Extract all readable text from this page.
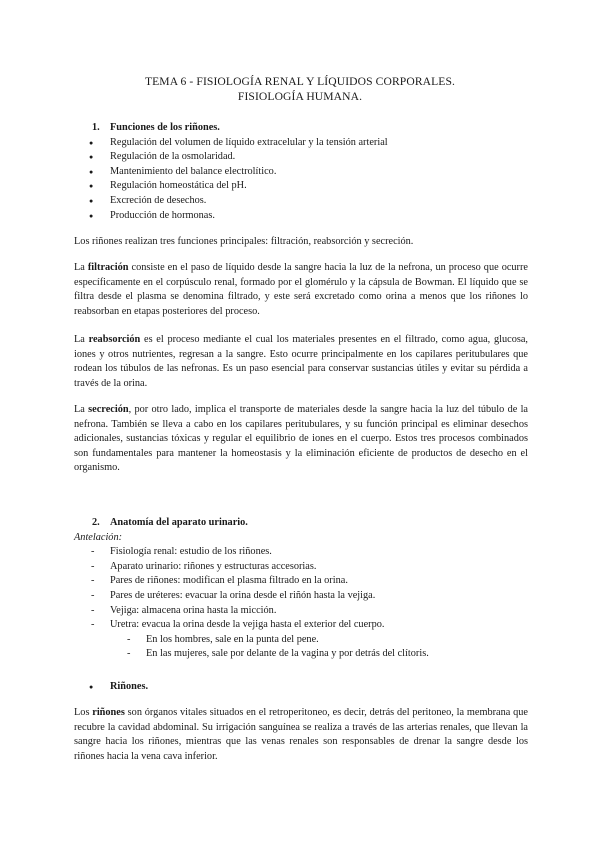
TEMA 6 - FISIOLOGÍA RENAL Y LÍQUIDOS CORPORALES.
FISIOLOGÍA HUMANA.

1. Funciones de los riñones.

● Regulación del volumen de líquido extracelular y la tensión arterial
● Regulación de la osmolaridad.
● Mantenimiento del balance electrolítico.
● Regulación homeostática del pH.
● Excreción de desechos.
● Producción de hormonas.

Los riñones realizan tres funciones principales: filtración, reabsorción y secreción.

La filtración consiste en el paso de líquido desde la sangre hacia la luz de la nefrona, un proceso que ocurre específicamente en el corpúsculo renal, formado por el glomérulo y la cápsula de Bowman. El líquido que se filtra desde el plasma se denomina filtrado, y este será excretado como orina a menos que los riñones lo reabsorban en etapas posteriores del proceso.

La reabsorción es el proceso mediante el cual los materiales presentes en el filtrado, como agua, glucosa, iones y otros nutrientes, regresan a la sangre. Esto ocurre principalmente en los capilares peritubulares que rodean los túbulos de las nefronas. Es un paso esencial para conservar sustancias útiles y evitar su pérdida a través de la orina.

La secreción, por otro lado, implica el transporte de materiales desde la sangre hacia la luz del túbulo de la nefrona. También se lleva a cabo en los capilares peritubulares, y su función principal es eliminar desechos adicionales, sustancias tóxicas y regular el equilibrio de iones en el cuerpo. Estos tres procesos combinados son fundamentales para mantener la homeostasis y la eliminación eficiente de productos de desecho en el organismo.

2. Anatomía del aparato urinario.

Antelación:

- Fisiología renal: estudio de los riñones.
- Aparato urinario: riñones y estructuras accesorias.
- Pares de riñones: modifican el plasma filtrado en la orina.
- Pares de uréteres: evacuar la orina desde el riñón hasta la vejiga.
- Vejiga: almacena orina hasta la micción.
- Uretra: evacua la orina desde la vejiga hasta el exterior del cuerpo.
- En los hombres, sale en la punta del pene.
- En las mujeres, sale por delante de la vagina y por detrás del clítoris.

● Riñones.

Los riñones son órganos vitales situados en el retroperitoneo, es decir, detrás del peritoneo, la membrana que recubre la cavidad abdominal. Su irrigación sanguínea se realiza a través de las arterias renales, que llevan la sangre hacia los riñones, mientras que las venas renales son responsables de drenar la sangre desde los riñones hacia la vena cava inferior.
